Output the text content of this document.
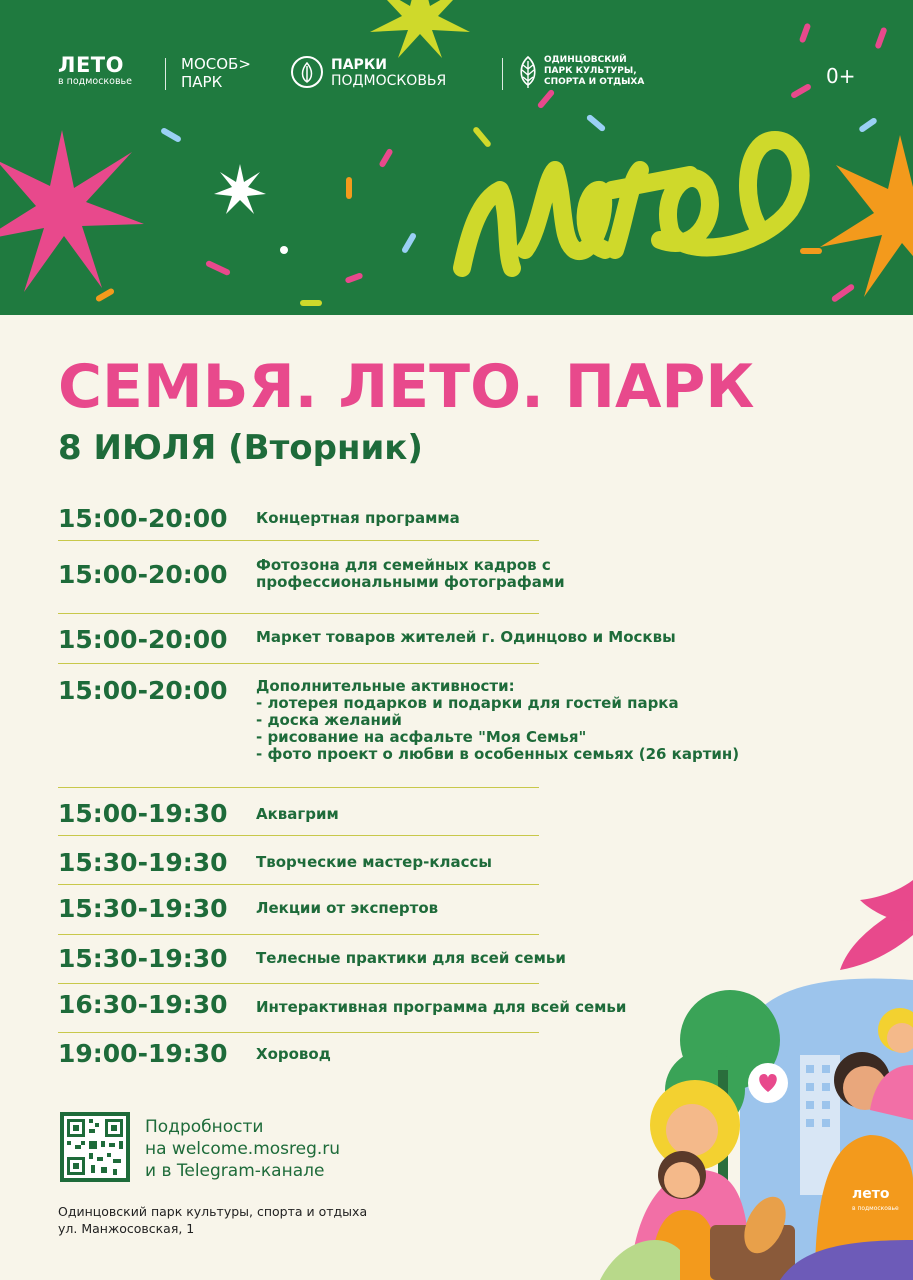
ЛЕТО
в подмосковье
МОСОБ>
ПАРК
ПАРКИ
ПОДМОСКОВЬЯ
ОДИНЦОВСКИЙ
ПАРК КУЛЬТУРЫ,
СПОРТА И ОТДЫХА	0+
СЕМЬЯ. ЛЕТО. ПАРК
8 ИЮЛЯ (Вторник)
15:00-20:00 Концертная программа
15:00-20:00 Фотозона для семейных кадров с
профессиональными фотографами
15:00-20:00 Маркет товаров жителей г. Одинцово и Москвы
15:00-20:00 Дополнительные активности:
- лотерея подарков и подарки для гостей парка
- доска желаний
- рисование на асфальте "Моя Семья"
- фото проект о любви в особенных семьях (26 картин)
15:00-19:30 Аквагрим
15:30-19:30 Творческие мастер-классы
15:30-19:30 Лекции от экспертов
15:30-19:30 Телесные практики для всей семьи
16:30-19:30 Интерактивная программа для всей семьи
19:00-19:30 Хоровод
Подробности
на welcome.mosreg.ru
и в Telegram-канале
Одинцовский парк культуры, спорта и отдыха
ул. Манжосовская, 1
лето
в подмосковье
